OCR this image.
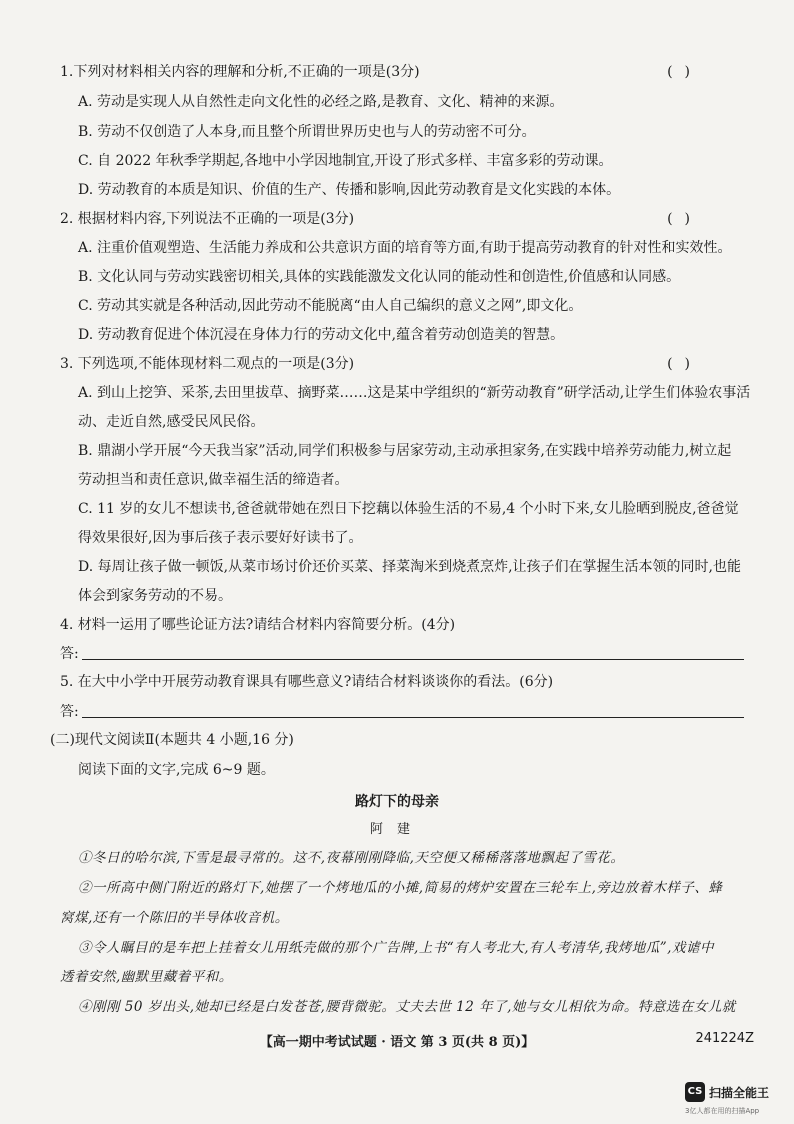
1.下列对材料相关内容的理解和分析,不正确的一项是(3分)	()
A. 劳动是实现人从自然性走向文化性的必经之路,是教育、文化、精神的来源。
B. 劳动不仅创造了人本身,而且整个所谓世界历史也与人的劳动密不可分。
C. 自 2022 年秋季学期起,各地中小学因地制宜,开设了形式多样、丰富多彩的劳动课。
D. 劳动教育的本质是知识、价值的生产、传播和影响,因此劳动教育是文化实践的本体。
2. 根据材料内容,下列说法不正确的一项是(3分)	()
A. 注重价值观塑造、生活能力养成和公共意识方面的培育等方面,有助于提高劳动教育的针对性和实效性。
B. 文化认同与劳动实践密切相关,具体的实践能激发文化认同的能动性和创造性,价值感和认同感。
C. 劳动其实就是各种活动,因此劳动不能脱离“由人自己编织的意义之网”,即文化。
D. 劳动教育促进个体沉浸在身体力行的劳动文化中,蕴含着劳动创造美的智慧。
3. 下列选项,不能体现材料二观点的一项是(3分)	()
A. 到山上挖笋、采茶,去田里拔草、摘野菜……这是某中学组织的“新劳动教育”研学活动,让学生们体验农事活
动、走近自然,感受民风民俗。
B. 鼎湖小学开展“今天我当家”活动,同学们积极参与居家劳动,主动承担家务,在实践中培养劳动能力,树立起
劳动担当和责任意识,做幸福生活的缔造者。
C. 11 岁的女儿不想读书,爸爸就带她在烈日下挖藕以体验生活的不易,4 个小时下来,女儿脸晒到脱皮,爸爸觉
得效果很好,因为事后孩子表示要好好读书了。
D. 每周让孩子做一顿饭,从菜市场讨价还价买菜、择菜淘米到烧煮烹炸,让孩子们在掌握生活本领的同时,也能
体会到家务劳动的不易。
4. 材料一运用了哪些论证方法?请结合材料内容简要分析。(4分)
答:
5. 在大中小学中开展劳动教育课具有哪些意义?请结合材料谈谈你的看法。(6分)
答:
(二)现代文阅读Ⅱ(本题共 4 小题,16 分)
阅读下面的文字,完成 6~9 题。
路灯下的母亲
阿建
①冬日的哈尔滨,下雪是最寻常的。这不,夜幕刚刚降临,天空便又稀稀落落地飘起了雪花。
②一所高中侧门附近的路灯下,她摆了一个烤地瓜的小摊,简易的烤炉安置在三轮车上,旁边放着木样子、蜂
窝煤,还有一个陈旧的半导体收音机。
③令人瞩目的是车把上挂着女儿用纸壳做的那个广告牌,上书“有人考北大,有人考清华,我烤地瓜”,戏谑中
透着安然,幽默里藏着平和。
④刚刚 50 岁出头,她却已经是白发苍苍,腰背微驼。丈夫去世 12 年了,她与女儿相依为命。特意选在女儿就
【高一期中考试试题 · 语文 第 3 页(共 8 页)】	241224Z
CS 扫描全能王
3亿人都在用的扫描App
